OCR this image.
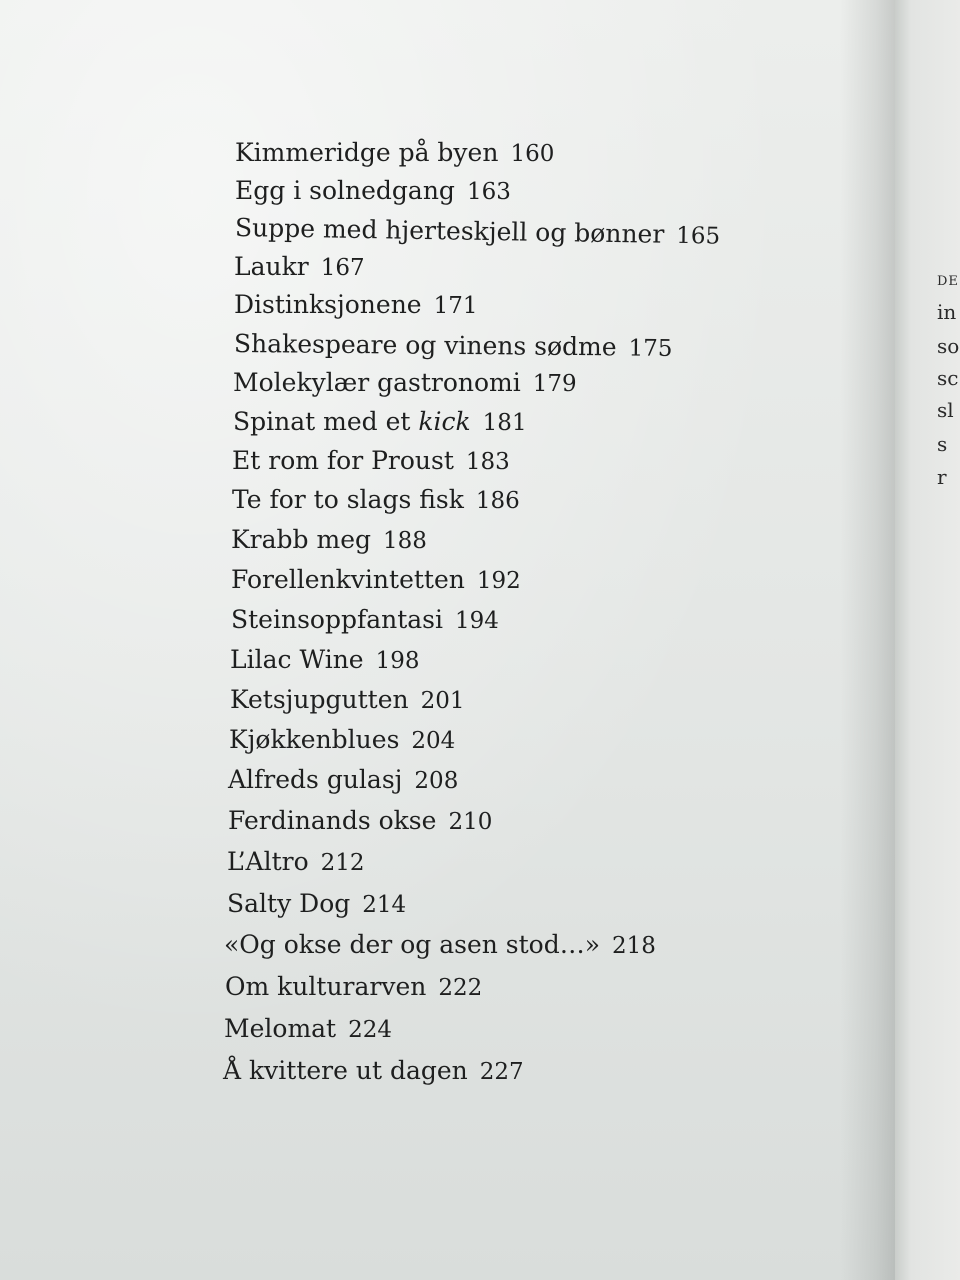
Kimmeridge på byen 160
Egg i solnedgang 163
Suppe med hjerteskjell og bønner 165
Laukr 167
Distinksjonene 171
Shakespeare og vinens sødme 175
Molekylær gastronomi 179
Spinat med et kick 181
Et rom for Proust 183
Te for to slags fisk 186
Krabb meg 188
Forellenkvintetten 192
Steinsoppfantasi 194
Lilac Wine 198
Ketsjupgutten 201
Kjøkkenblues 204
Alfreds gulasj 208
Ferdinands okse 210
L’Altro 212
Salty Dog 214
«Og okse der og asen stod…» 218
Om kulturarven 222
Melomat 224
Å kvittere ut dagen 227
DE
in
so
sc
sl
s
r
